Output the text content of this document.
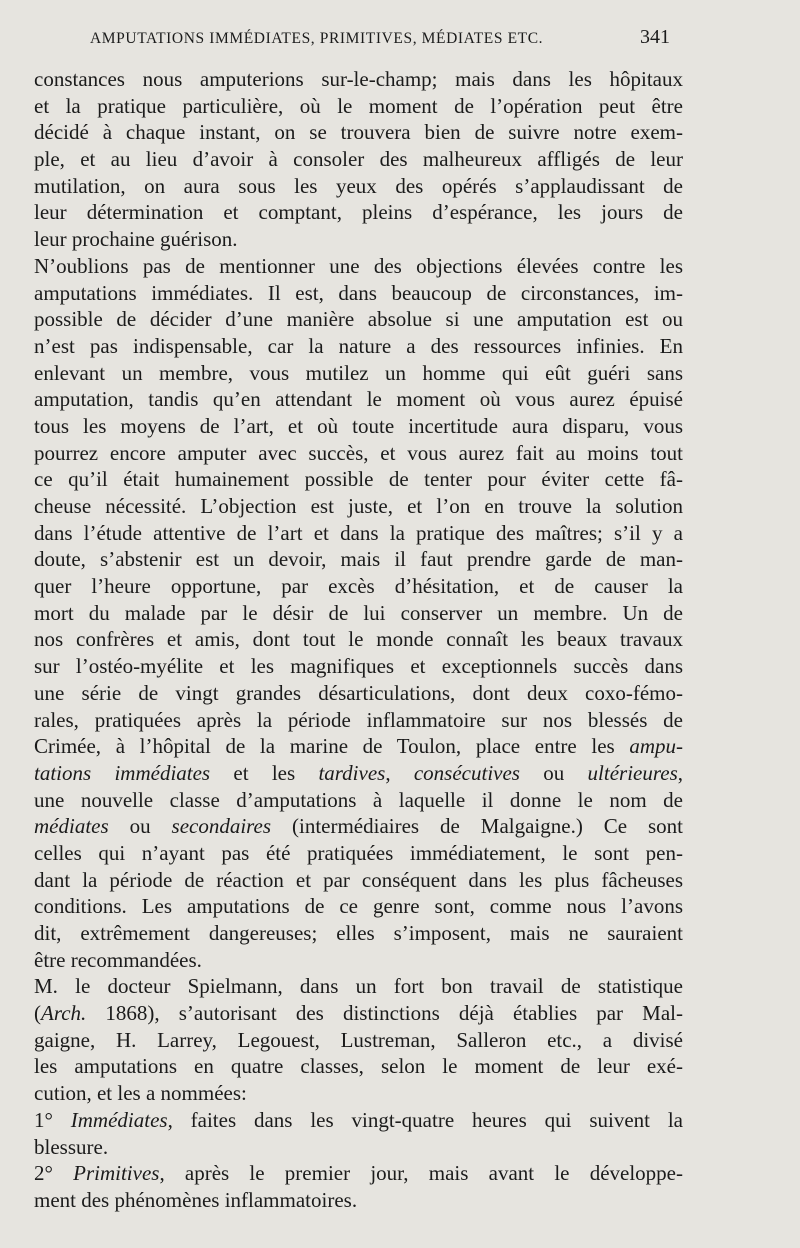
AMPUTATIONS IMMÉDIATES, PRIMITIVES, MÉDIATES ETC.	341
constances nous amputerions sur-le-champ; mais dans les hôpitaux
et la pratique particulière, où le moment de l’opération peut être
décidé à chaque instant, on se trouvera bien de suivre notre exem-
ple, et au lieu d’avoir à consoler des malheureux affligés de leur
mutilation, on aura sous les yeux des opérés s’applaudissant de
leur détermination et comptant, pleins d’espérance, les jours de
leur prochaine guérison.
N’oublions pas de mentionner une des objections élevées contre les
amputations immédiates. Il est, dans beaucoup de circonstances, im-
possible de décider d’une manière absolue si une amputation est ou
n’est pas indispensable, car la nature a des ressources infinies. En
enlevant un membre, vous mutilez un homme qui eût guéri sans
amputation, tandis qu’en attendant le moment où vous aurez épuisé
tous les moyens de l’art, et où toute incertitude aura disparu, vous
pourrez encore amputer avec succès, et vous aurez fait au moins tout
ce qu’il était humainement possible de tenter pour éviter cette fâ-
cheuse nécessité. L’objection est juste, et l’on en trouve la solution
dans l’étude attentive de l’art et dans la pratique des maîtres; s’il y a
doute, s’abstenir est un devoir, mais il faut prendre garde de man-
quer l’heure opportune, par excès d’hésitation, et de causer la
mort du malade par le désir de lui conserver un membre. Un de
nos confrères et amis, dont tout le monde connaît les beaux travaux
sur l’ostéo-myélite et les magnifiques et exceptionnels succès dans
une série de vingt grandes désarticulations, dont deux coxo-fémo-
rales, pratiquées après la période inflammatoire sur nos blessés de
Crimée, à l’hôpital de la marine de Toulon, place entre les ampu-
tations immédiates et les tardives, consécutives ou ultérieures,
une nouvelle classe d’amputations à laquelle il donne le nom de
médiates ou secondaires (intermédiaires de Malgaigne.) Ce sont
celles qui n’ayant pas été pratiquées immédiatement, le sont pen-
dant la période de réaction et par conséquent dans les plus fâcheuses
conditions. Les amputations de ce genre sont, comme nous l’avons
dit, extrêmement dangereuses; elles s’imposent, mais ne sauraient
être recommandées.
M. le docteur Spielmann, dans un fort bon travail de statistique
(Arch. 1868), s’autorisant des distinctions déjà établies par Mal-
gaigne, H. Larrey, Legouest, Lustreman, Salleron etc., a divisé
les amputations en quatre classes, selon le moment de leur exé-
cution, et les a nommées:
1° Immédiates, faites dans les vingt-quatre heures qui suivent la
blessure.
2° Primitives, après le premier jour, mais avant le développe-
ment des phénomènes inflammatoires.
